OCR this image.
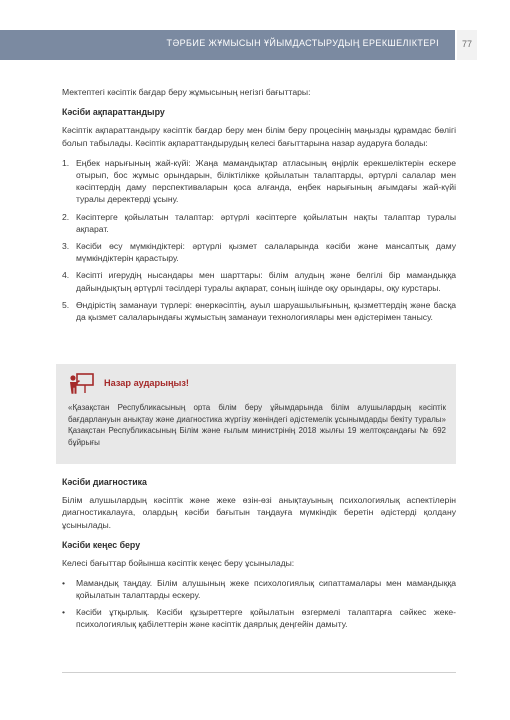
ТӘРБИЕ ЖҰМЫСЫН ҰЙЫМДАСТЫРУДЫҢ ЕРЕКШЕЛІКТЕРІ	77

Мектептегі кәсіптік бағдар беру жұмысының негізгі бағыттары:

Кәсіби ақпараттандыру

Кәсіптік ақпараттандыру кәсіптік бағдар беру мен білім беру процесінің маңызды құрамдас бөлігі болып табылады. Кәсіптік ақпараттандырудың келесі бағыттарына назар аударуға болады:

1. Еңбек нарығының жай-күйі: Жаңа мамандықтар атласының өңірлік ерекшеліктерін ескере отырып, бос жұмыс орындарын, біліктілікке қойылатын талаптарды, әртүрлі салалар мен кәсіптердің даму перспективаларын қоса алғанда, еңбек нарығының ағымдағы жай-күйі туралы деректерді ұсыну.
2. Кәсіптерге қойылатын талаптар: әртүрлі кәсіптерге қойылатын нақты талаптар туралы ақпарат.
3. Кәсіби өсу мүмкіндіктері: әртүрлі қызмет салаларында кәсіби және мансаптық даму мүмкіндіктерін қарастыру.
4. Кәсіпті игерудің нысандары мен шарттары: білім алудың және белгілі бір мамандыққа дайындықтың әртүрлі тәсілдері туралы ақпарат, соның ішінде оқу орындары, оқу курстары.
5. Өндірістің заманауи түрлері: өнеркәсіптің, ауыл шаруашылығының, қызметтердің және басқа да қызмет салаларындағы жұмыстың заманауи технологиялары мен әдістерімен танысу.
Назар аударыңыз!
«Қазақстан Республикасының орта білім беру ұйымдарында білім алушылардың кәсіптік бағдарлануын анықтау және диагностика жүргізу жөніндегі әдістемелік ұсынымдарды бекіту туралы» Қазақстан Республикасының Білім және ғылым министрінің 2018 жылғы 19 желтоқсандағы № 692 бұйрығы
Кәсіби диагностика

Білім алушылардың кәсіптік және жеке өзін-өзі анықтауының психологиялық аспектілерін диагностикалауға, олардың кәсіби бағытын таңдауға мүмкіндік беретін әдістерді қолдану ұсынылады.

Кәсіби кеңес беру

Келесі бағыттар бойынша кәсіптік кеңес беру ұсынылады:

• Мамандық таңдау. Білім алушының жеке психологиялық сипаттамалары мен мамандыққа қойылатын талаптарды ескеру.
• Кәсіби ұтқырлық. Кәсіби құзыреттерге қойылатын өзгермелі талаптарға сәйкес жеке-психологиялық қабілеттерін және кәсіптік даярлық деңгейін дамыту.
